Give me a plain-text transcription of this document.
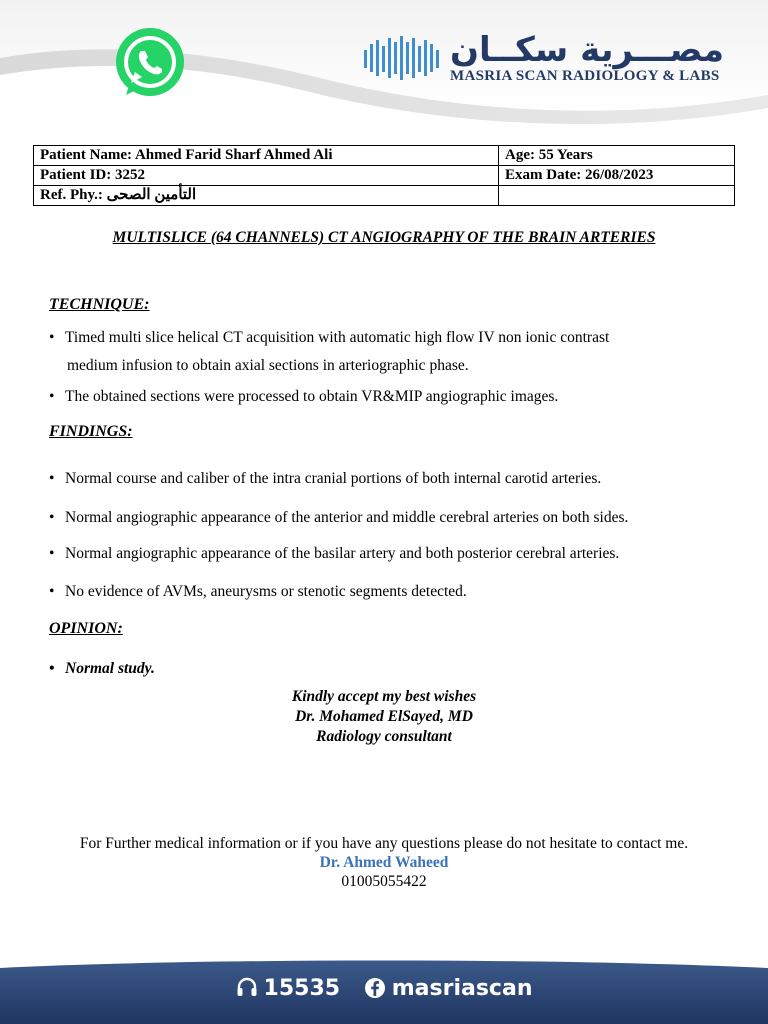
مصـــرية سكــان
MASRIA SCAN RADIOLOGY & LABS
Patient Name: Ahmed Farid Sharf Ahmed Ali	Age: 55 Years
Patient ID: 3252	Exam Date: 26/08/2023
Ref. Phy.: التأمين الصحى	
MULTISLICE (64 CHANNELS) CT ANGIOGRAPHY OF THE BRAIN ARTERIES
TECHNIQUE:
• Timed multi slice helical CT acquisition with automatic high flow IV non ionic contrast
medium infusion to obtain axial sections in arteriographic phase.
• The obtained sections were processed to obtain VR&MIP angiographic images.
FINDINGS:
• Normal course and caliber of the intra cranial portions of both internal carotid arteries.
• Normal angiographic appearance of the anterior and middle cerebral arteries on both sides.
• Normal angiographic appearance of the basilar artery and both posterior cerebral arteries.
• No evidence of AVMs, aneurysms or stenotic segments detected.
OPINION:
• Normal study.
Kindly accept my best wishes
Dr. Mohamed ElSayed, MD
Radiology consultant
For Further medical information or if you have any questions please do not hesitate to contact me.
Dr. Ahmed Waheed
01005055422
15535 masriascan
